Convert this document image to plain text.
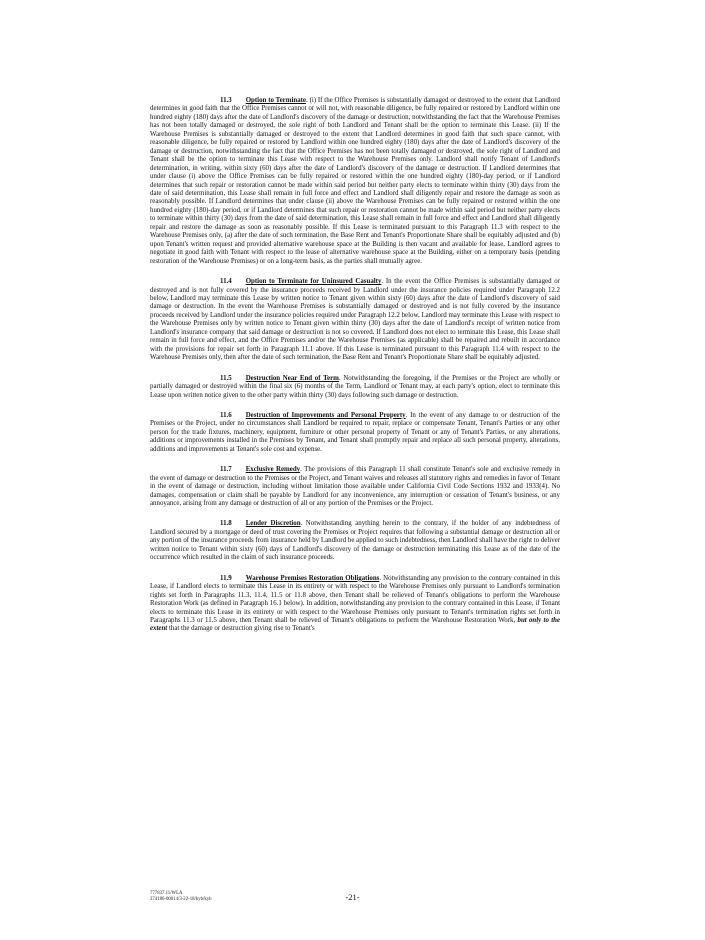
11.3 Option to Terminate. (i) If the Office Premises is substantially damaged or destroyed to the extent that Landlord determines in good faith that the Office Premises cannot or will not, with reasonable diligence, be fully repaired or restored by Landlord within one hundred eighty (180) days after the date of Landlord's discovery of the damage or destruction, notwithstanding the fact that the Warehouse Premises has not been totally damaged or destroyed, the sole right of both Landlord and Tenant shall be the option to terminate this Lease. (ii) If the Warehouse Premises is substantially damaged or destroyed to the extent that Landlord determines in good faith that such space cannot, with reasonable diligence, be fully repaired or restored by Landlord within one hundred eighty (180) days after the date of Landlord's discovery of the damage or destruction, notwithstanding the fact that the Office Premises has not been totally damaged or destroyed, the sole right of Landlord and Tenant shall be the option to terminate this Lease with respect to the Warehouse Premises only. Landlord shall notify Tenant of Landlord's determination, in writing, within sixty (60) days after the date of Landlord's discovery of the damage or destruction. If Landlord determines that under clause (i) above the Office Premises can be fully repaired or restored within the one hundred eighty (180)-day period, or if Landlord determines that such repair or restoration cannot be made within said period but neither party elects to terminate within thirty (30) days from the date of said determination, this Lease shall remain in full force and effect and Landlord shall diligently repair and restore the damage as soon as reasonably possible. If Landlord determines that under clause (ii) above the Warehouse Premises can be fully repaired or restored within the one hundred eighty (180)-day period, or if Landlord determines that such repair or restoration cannot be made within said period but neither party elects to terminate within thirty (30) days from the date of said determination, this Lease shall remain in full force and effect and Landlord shall diligently repair and restore the damage as soon as reasonably possible. If this Lease is terminated pursuant to this Paragraph 11.3 with respect to the Warehouse Premises only, (a) after the date of such termination, the Base Rent and Tenant's Proportionate Share shall be equitably adjusted and (b) upon Tenant's written request and provided alternative warehouse space at the Building is then vacant and available for lease, Landlord agrees to negotiate in good faith with Tenant with respect to the lease of alternative warehouse space at the Building, either on a temporary basis (pending restoration of the Warehouse Premises) or on a long-term basis, as the parties shall mutually agree.

11.4 Option to Terminate for Uninsured Casualty. In the event the Office Premises is substantially damaged or destroyed and is not fully covered by the insurance proceeds received by Landlord under the insurance policies required under Paragraph 12.2 below, Landlord may terminate this Lease by written notice to Tenant given within sixty (60) days after the date of Landlord's discovery of said damage or destruction. In the event the Warehouse Premises is substantially damaged or destroyed and is not fully covered by the insurance proceeds received by Landlord under the insurance policies required under Paragraph 12.2 below, Landlord may terminate this Lease with respect to the Warehouse Premises only by written notice to Tenant given within thirty (30) days after the date of Landlord's receipt of written notice from Landlord's insurance company that said damage or destruction is not so covered. If Landlord does not elect to terminate this Lease, this Lease shall remain in full force and effect, and the Office Premises and/or the Warehouse Premises (as applicable) shall be repaired and rebuilt in accordance with the provisions for repair set forth in Paragraph 11.1 above. If this Lease is terminated pursuant to this Paragraph 11.4 with respect to the Warehouse Premises only, then after the date of such termination, the Base Rent and Tenant's Proportionate Share shall be equitably adjusted.

11.5 Destruction Near End of Term. Notwithstanding the foregoing, if the Premises or the Project are wholly or partially damaged or destroyed within the final six (6) months of the Term, Landlord or Tenant may, at each party's option, elect to terminate this Lease upon written notice given to the other party within thirty (30) days following such damage or destruction.

11.6 Destruction of Improvements and Personal Property. In the event of any damage to or destruction of the Premises or the Project, under no circumstances shall Landlord be required to repair, replace or compensate Tenant, Tenant's Parties or any other person for the trade fixtures, machinery, equipment, furniture or other personal property of Tenant or any of Tenant's Parties, or any alterations, additions or improvements installed in the Premises by Tenant, and Tenant shall promptly repair and replace all such personal property, alterations, additions and improvements at Tenant's sole cost and expense.

11.7 Exclusive Remedy. The provisions of this Paragraph 11 shall constitute Tenant's sole and exclusive remedy in the event of damage or destruction to the Premises or the Project, and Tenant waives and releases all statutory rights and remedies in favor of Tenant in the event of damage or destruction, including without limitation those available under California Civil Code Sections 1932 and 1933(4). No damages, compensation or claim shall be payable by Landlord for any inconvenience, any interruption or cessation of Tenant's business, or any annoyance, arising from any damage or destruction of all or any portion of the Premises or the Project.

11.8 Lender Discretion. Notwithstanding anything herein to the contrary, if the holder of any indebtedness of Landlord secured by a mortgage or deed of trust covering the Premises or Project requires that following a substantial damage or destruction all or any portion of the insurance proceeds from insurance held by Landlord be applied to such indebtedness, then Landlord shall have the right to deliver written notice to Tenant within sixty (60) days of Landlord's discovery of the damage or destruction terminating this Lease as of the date of the occurrence which resulted in the claim of such insurance proceeds.

11.9 Warehouse Premises Restoration Obligations. Notwithstanding any provision to the contrary contained in this Lease, if Landlord elects to terminate this Lease in its entirety or with respect to the Warehouse Premises only pursuant to Landlord's termination rights set forth in Paragraphs 11.3, 11.4, 11.5 or 11.8 above, then Tenant shall be relieved of Tenant's obligations to perform the Warehouse Restoration Work (as defined in Paragraph 16.1 below). In addition, notwithstanding any provision to the contrary contained in this Lease, if Tenant elects to terminate this Lease in its entirety or with respect to the Warehouse Premises only pursuant to Tenant's termination rights set forth in Paragraphs 11.3 or 11.5 above, then Tenant shall be relieved of Tenant's obligations to perform the Warehouse Restoration Work, but only to the extent that the damage or destruction giving rise to Tenant's

777837.11/WLA
374186-00014/3-22-18/kyb/kyb	-21-
